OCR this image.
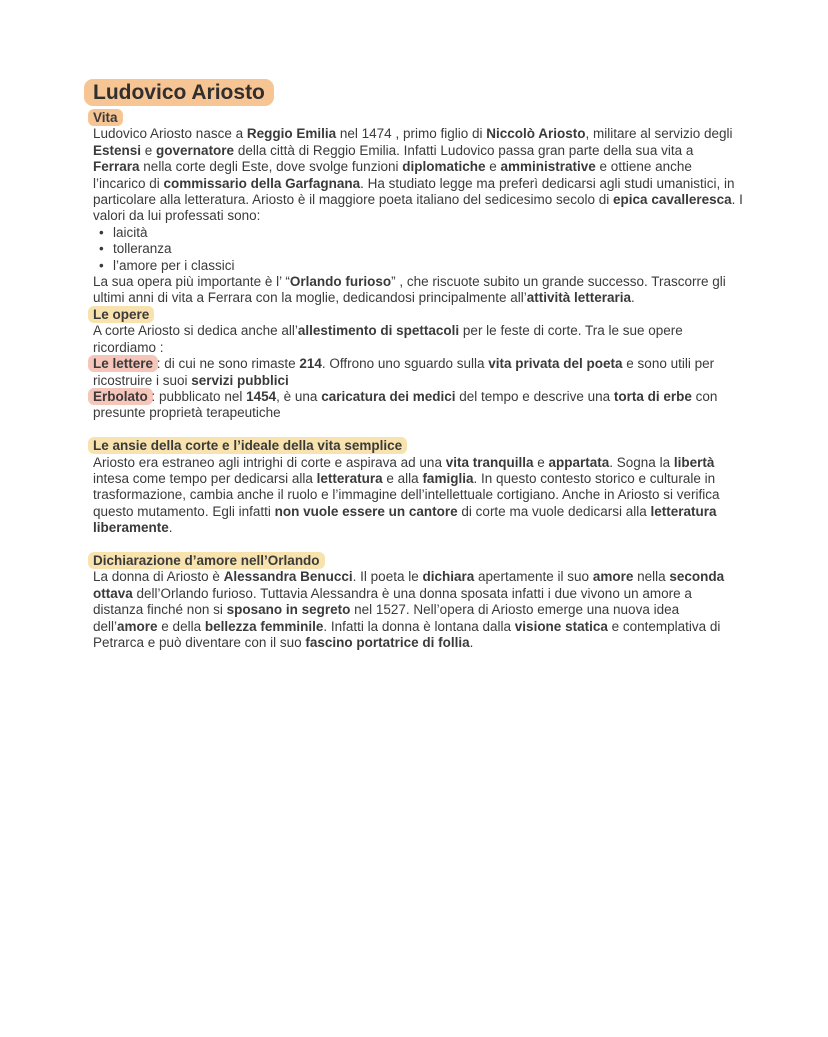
Ludovico Ariosto
Vita
Ludovico Ariosto nasce a Reggio Emilia nel 1474 , primo figlio di Niccolò Ariosto, militare al servizio degli Estensi e governatore della città di Reggio Emilia. Infatti Ludovico passa gran parte della sua vita a Ferrara nella corte degli Este, dove svolge funzioni diplomatiche e amministrative e ottiene anche l’incarico di commissario della Garfagnana. Ha studiato legge ma preferì dedicarsi agli studi umanistici, in particolare alla letteratura. Ariosto è il maggiore poeta italiano del sedicesimo secolo di epica cavalleresca. I valori da lui professati sono:
• laicità
• tolleranza
• l’amore per i classici
La sua opera più importante è l’ “Orlando furioso” , che riscuote subito un grande successo. Trascorre gli ultimi anni di vita a Ferrara con la moglie, dedicandosi principalmente all’attività letteraria.
Le opere
A corte Ariosto si dedica anche all’allestimento di spettacoli per le feste di corte. Tra le sue opere ricordiamo :
Le lettere : di cui ne sono rimaste 214. Offrono uno sguardo sulla vita privata del poeta e sono utili per ricostruire i suoi servizi pubblici
Erbolato : pubblicato nel 1454, è una caricatura dei medici del tempo e descrive una torta di erbe con presunte proprietà terapeutiche
Le ansie della corte e l’ideale della vita semplice
Ariosto era estraneo agli intrighi di corte e aspirava ad una vita tranquilla e appartata. Sogna la libertà intesa come tempo per dedicarsi alla letteratura e alla famiglia. In questo contesto storico e culturale in trasformazione, cambia anche il ruolo e l’immagine dell’intellettuale cortigiano. Anche in Ariosto si verifica questo mutamento. Egli infatti non vuole essere un cantore di corte ma vuole dedicarsi alla letteratura liberamente.
Dichiarazione d’amore nell’Orlando
La donna di Ariosto è Alessandra Benucci. Il poeta le dichiara apertamente il suo amore nella seconda ottava dell’Orlando furioso. Tuttavia Alessandra è una donna sposata infatti i due vivono un amore a distanza finché non si sposano in segreto nel 1527. Nell’opera di Ariosto emerge una nuova idea dell’amore e della bellezza femminile. Infatti la donna è lontana dalla visione statica e contemplativa di Petrarca e può diventare con il suo fascino portatrice di follia.
